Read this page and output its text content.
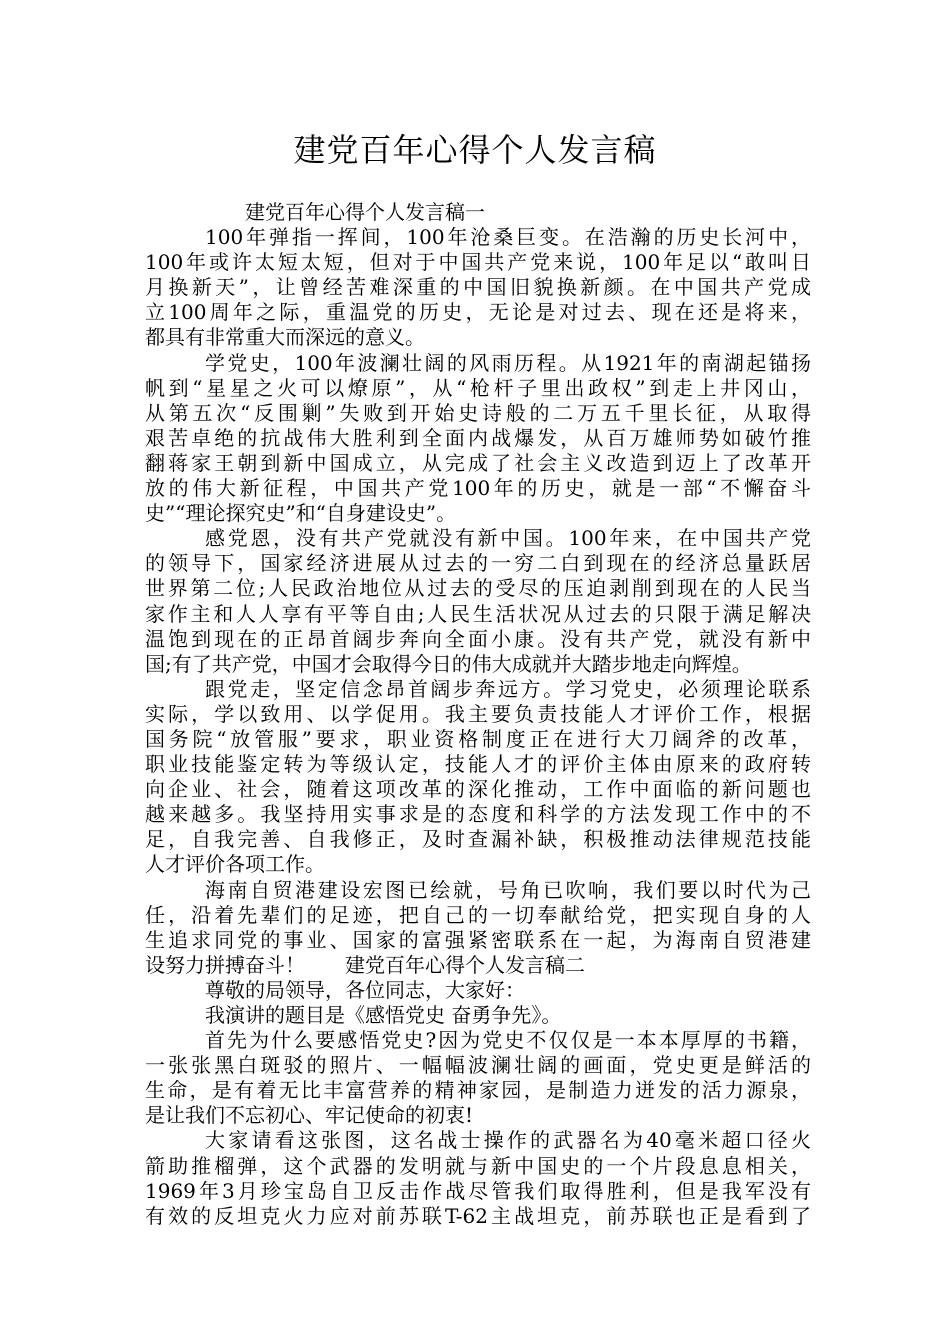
建党百年心得个人发言稿
建党百年心得个人发言稿一
100年弹指一挥间，100年沧桑巨变。在浩瀚的历史长河中，
100年或许太短太短，但对于中国共产党来说，100年足以“敢叫日
月换新天”，让曾经苦难深重的中国旧貌换新颜。在中国共产党成
立100周年之际，重温党的历史，无论是对过去、现在还是将来，
都具有非常重大而深远的意义。
学党史，100年波澜壮阔的风雨历程。从1921年的南湖起锚扬
帆到“星星之火可以燎原”，从“枪杆子里出政权”到走上井冈山，
从第五次“反围剿”失败到开始史诗般的二万五千里长征，从取得
艰苦卓绝的抗战伟大胜利到全面内战爆发，从百万雄师势如破竹推
翻蒋家王朝到新中国成立，从完成了社会主义改造到迈上了改革开
放的伟大新征程，中国共产党100年的历史，就是一部“不懈奋斗
史”“理论探究史”和“自身建设史”。
感党恩，没有共产党就没有新中国。100年来，在中国共产党
的领导下，国家经济进展从过去的一穷二白到现在的经济总量跃居
世界第二位;人民政治地位从过去的受尽的压迫剥削到现在的人民当
家作主和人人享有平等自由;人民生活状况从过去的只限于满足解决
温饱到现在的正昂首阔步奔向全面小康。没有共产党，就没有新中
国;有了共产党，中国才会取得今日的伟大成就并大踏步地走向辉煌。
跟党走，坚定信念昂首阔步奔远方。学习党史，必须理论联系
实际，学以致用、以学促用。我主要负责技能人才评价工作，根据
国务院“放管服”要求，职业资格制度正在进行大刀阔斧的改革，
职业技能鉴定转为等级认定，技能人才的评价主体由原来的政府转
向企业、社会，随着这项改革的深化推动，工作中面临的新问题也
越来越多。我坚持用实事求是的态度和科学的方法发现工作中的不
足，自我完善、自我修正，及时查漏补缺，积极推动法律规范技能
人才评价各项工作。
海南自贸港建设宏图已绘就，号角已吹响，我们要以时代为己
任，沿着先辈们的足迹，把自己的一切奉献给党，把实现自身的人
生追求同党的事业、国家的富强紧密联系在一起，为海南自贸港建
设努力拼搏奋斗！　　建党百年心得个人发言稿二
尊敬的局领导，各位同志，大家好：
我演讲的题目是《感悟党史 奋勇争先》。
首先为什么要感悟党史?因为党史不仅仅是一本本厚厚的书籍，
一张张黑白斑驳的照片、一幅幅波澜壮阔的画面，党史更是鲜活的
生命，是有着无比丰富营养的精神家园，是制造力迸发的活力源泉，
是让我们不忘初心、牢记使命的初衷!
大家请看这张图，这名战士操作的武器名为40毫米超口径火
箭助推榴弹，这个武器的发明就与新中国史的一个片段息息相关，
1969年3月珍宝岛自卫反击作战尽管我们取得胜利，但是我军没有
有效的反坦克火力应对前苏联T-62主战坦克，前苏联也正是看到了
